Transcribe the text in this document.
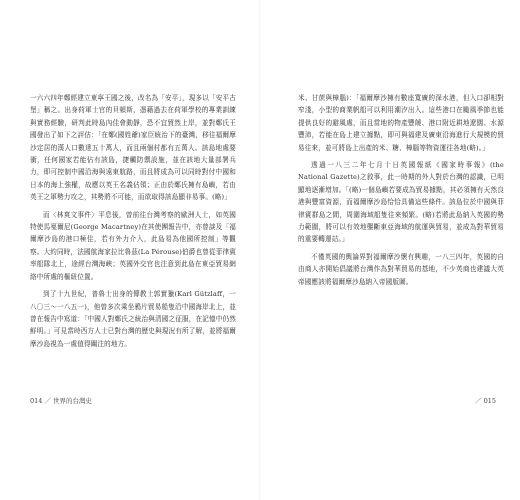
一六六四年鄭經建立東寧王國之後，改名為「安平」，現多以「安平古堡」稱之。出身荷軍士官的貝頓斯，憑藉過去在荷軍學校的專業訓練與實務經驗，研判此時島內佳會動靜，恐不宜貿然上岸，並對鄭氏王國發出了如下之評估：「在鄭(國姓爺)家臣統治下的臺灣，移往福爾摩沙定居的漢人口數達五十萬人，而且兩個村都有五萬人。該島地處要衝，任何國家若能佔有該島，捷觸防禦設施，並在該地大量部署兵力，即可控制中國沿海與遠東航路，而且將成為可以同時對付中國和日本的海上強權，故應以英王名義佔領；正由於鄭氏擁有島嶼，若由英王之軍勢力攻之，其勢將不可能，而欲取得該島顯非易事。(略)」

而〈林爽文事件〉平息後，曾前往台灣考察的歐洲人士，如英國特使馬戛爾尼(George Macartney)在其使團報告中，亦曾談及「福爾摩沙島的港口極佳，若有外力介入，此島易為他國所控制」等觀察。大約同時，法國航海家拉比魯茲(La Pérouse)伯爵也曾從菲律賓率船隊北上，途經台灣海峽；英國外交官也注意到此島在東亞貿易網絡中所處的樞紐位置。

到了十九世紀，普魯士出身的傳教士郭實獵(Karl Gützlaff，一八〇三〜一八五一)，他曾多次乘坐鴉片貿易船隻沿中國海岸北上，並曾在報告中寫道：「中國人對鄭氏之統治與清國之征服，在記憶中仍然鮮明。」可見當時西方人士已對台灣的歷史與現況有所了解，並將福爾摩沙島視為一處值得關注的地方。

014 ／ 世界的台灣史

米、甘蔗與樟腦)：「福爾摩沙擁有數座寬廣的深水港，但入口卻相對窄淺，小型的商業帆船可以利用潮汐出入。這些港口在颱風季節也能提供良好的避風處，而且當地的物產豐饒、港口附近耕地遼闊、水源豐沛，若能在島上建立據點，即可與福建及廣東沿海進行大規模的貿易往來，並可將島上出產的米、糖、樟腦等物資運往各地(略)。」

透過一八三二年七月十日英國報紙《國家時事報》(the National Gazette)之敘事，此一時期的外人對於台灣的認識，已明顯地逐漸增加。「(略)一個島嶼若要成為貿易據點，其必須擁有天然良港與豐富資源，而福爾摩沙島恰恰具備這些條件。該島位於中國與菲律賓群島之間，周圍海域船隻往來頻繁。(略)若將此島納入英國的勢力範圍，將可以有效地壟斷東亞海域的航運與貿易，並成為對華貿易的重要轉運站。」

不僅英國的輿論界對福爾摩沙懷有興趣，一八三四年，英國的自由商人亦開始倡議將台灣作為對華貿易的基地，不少英商也建議大英帝國應該將福爾摩沙島納入帝國版圖。

／ 015
